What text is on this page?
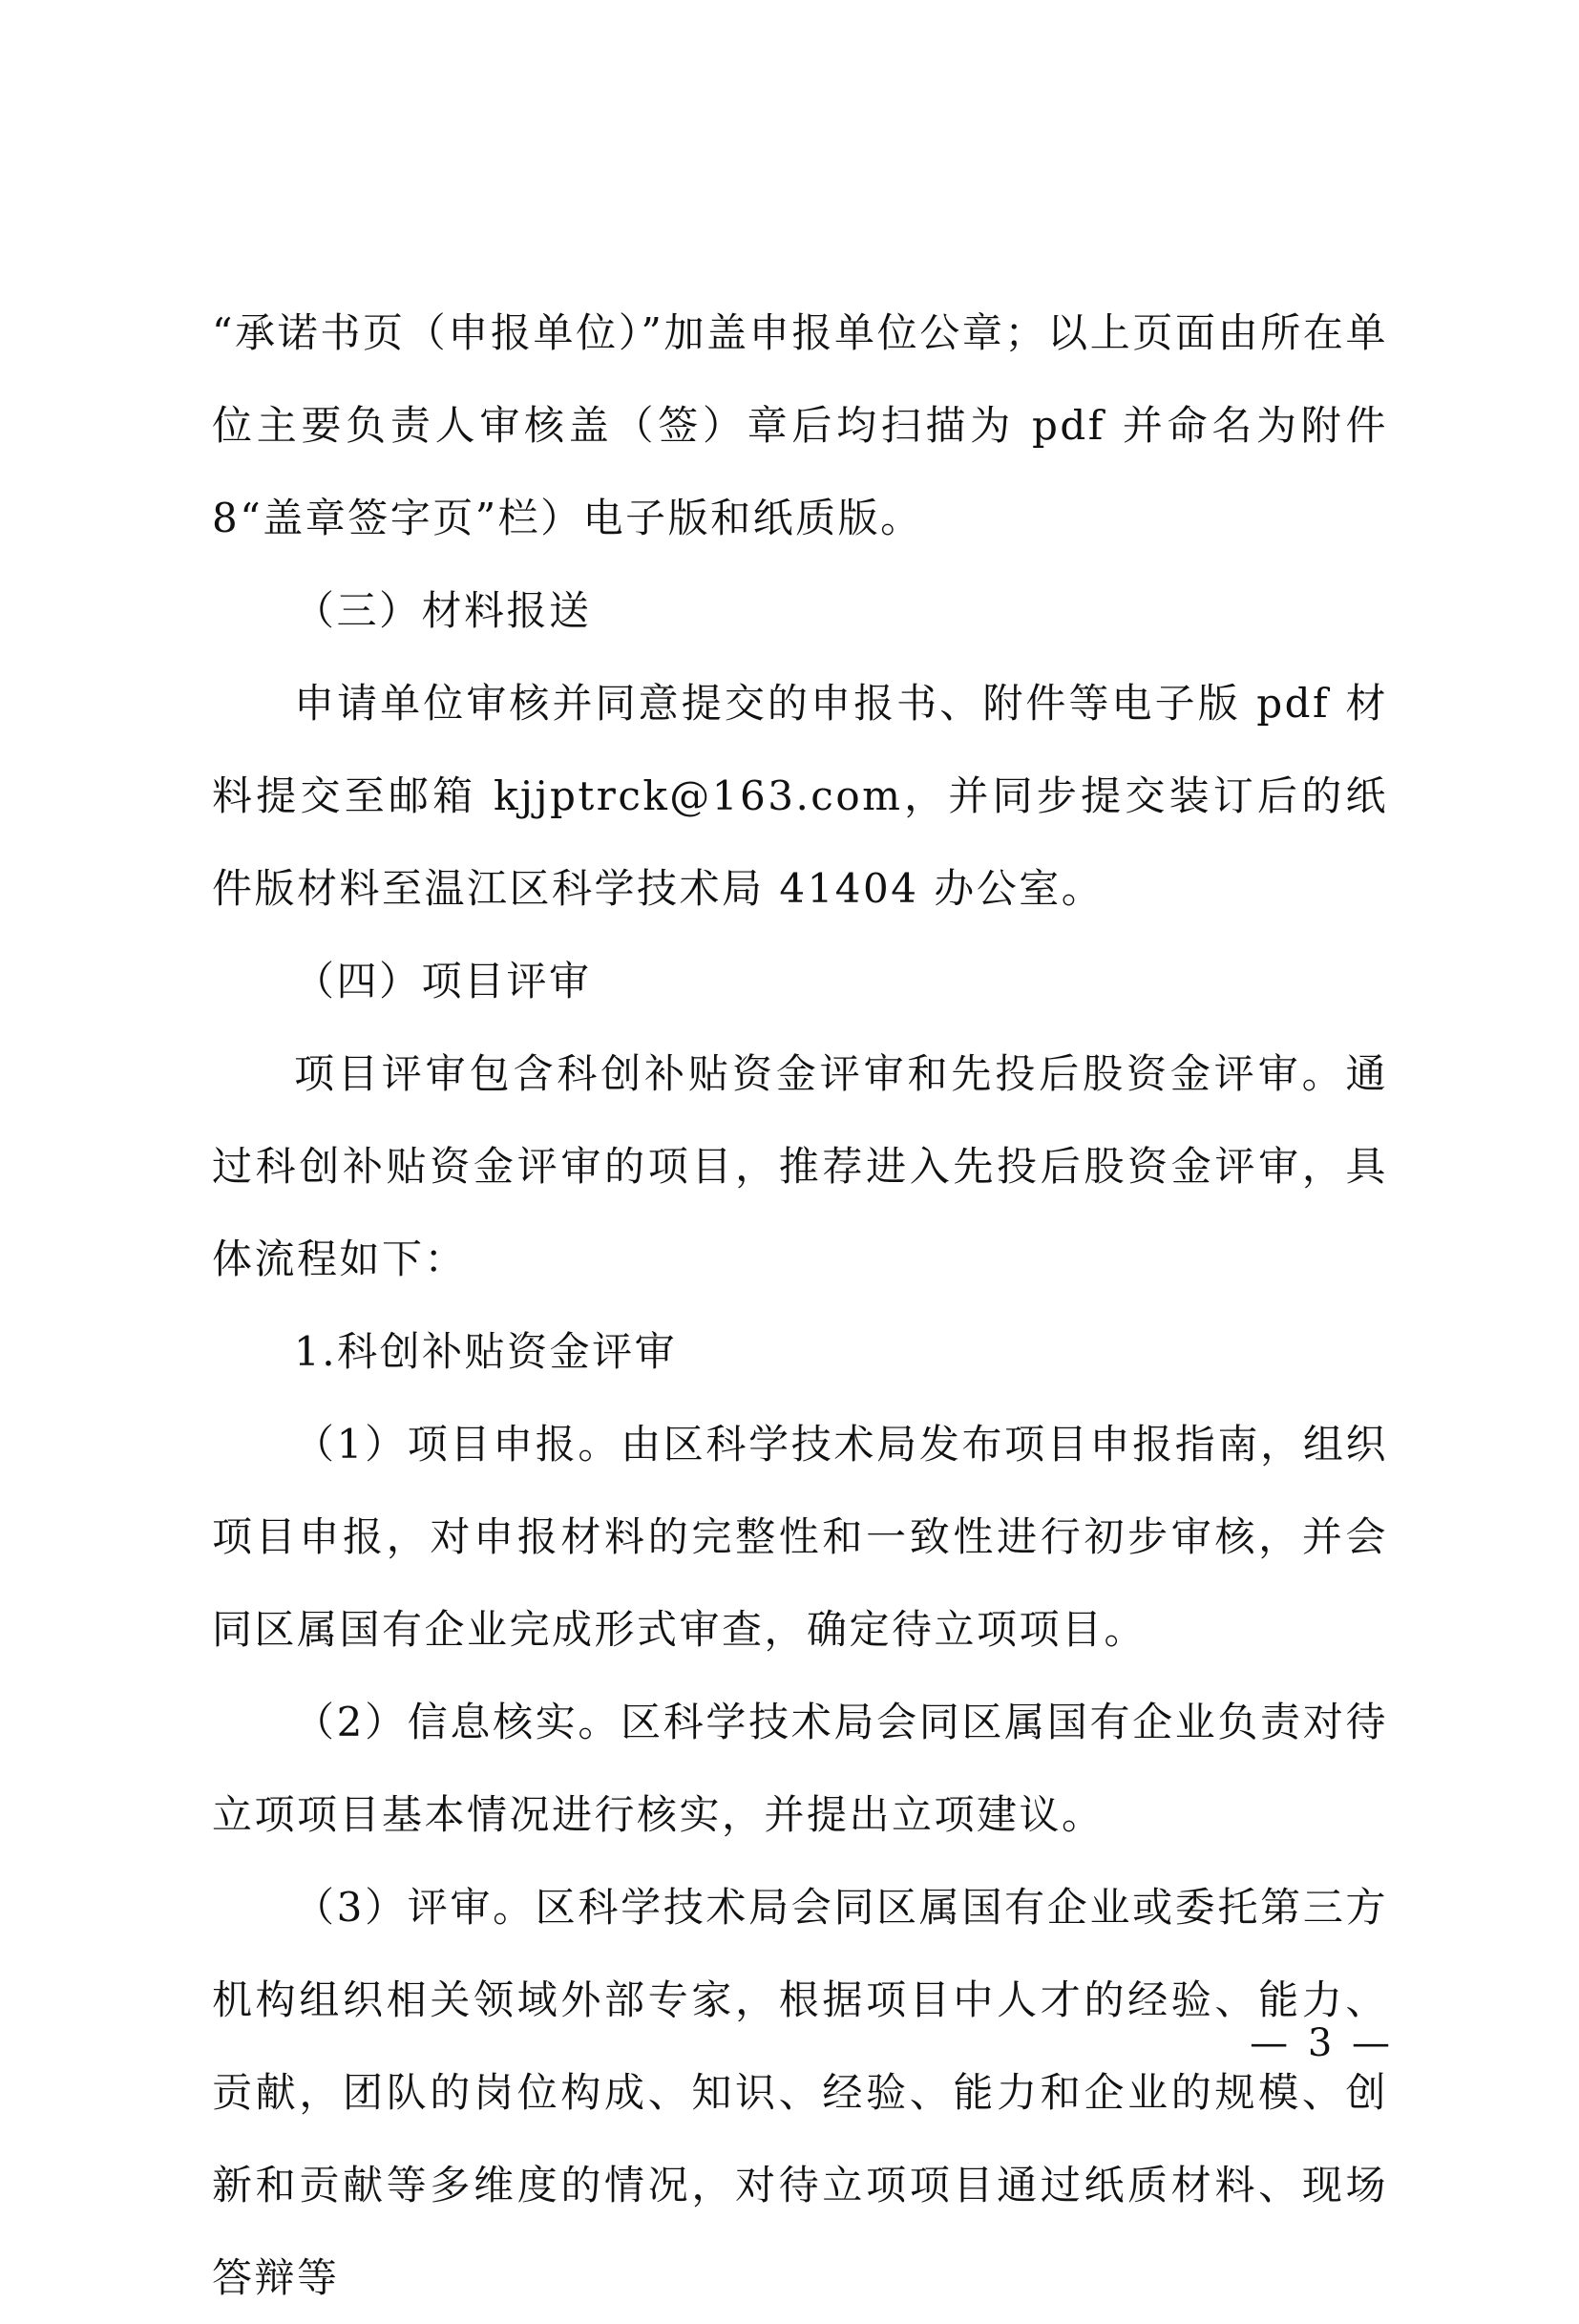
“承诺书页（申报单位）”加盖申报单位公章；以上页面由所在单位主要负责人审核盖（签）章后均扫描为 pdf 并命名为附件 8“盖章签字页”栏）电子版和纸质版。

（三）材料报送

申请单位审核并同意提交的申报书、附件等电子版 pdf 材料提交至邮箱 kjjptrck@163.com，并同步提交装订后的纸件版材料至温江区科学技术局 41404 办公室。

（四）项目评审

项目评审包含科创补贴资金评审和先投后股资金评审。通过科创补贴资金评审的项目，推荐进入先投后股资金评审，具体流程如下：

1.科创补贴资金评审

（1）项目申报。由区科学技术局发布项目申报指南，组织项目申报，对申报材料的完整性和一致性进行初步审核，并会同区属国有企业完成形式审查，确定待立项项目。

（2）信息核实。区科学技术局会同区属国有企业负责对待立项项目基本情况进行核实，并提出立项建议。

（3）评审。区科学技术局会同区属国有企业或委托第三方机构组织相关领域外部专家，根据项目中人才的经验、能力、贡献，团队的岗位构成、知识、经验、能力和企业的规模、创新和贡献等多维度的情况，对待立项项目通过纸质材料、现场答辩等

— 3 —
